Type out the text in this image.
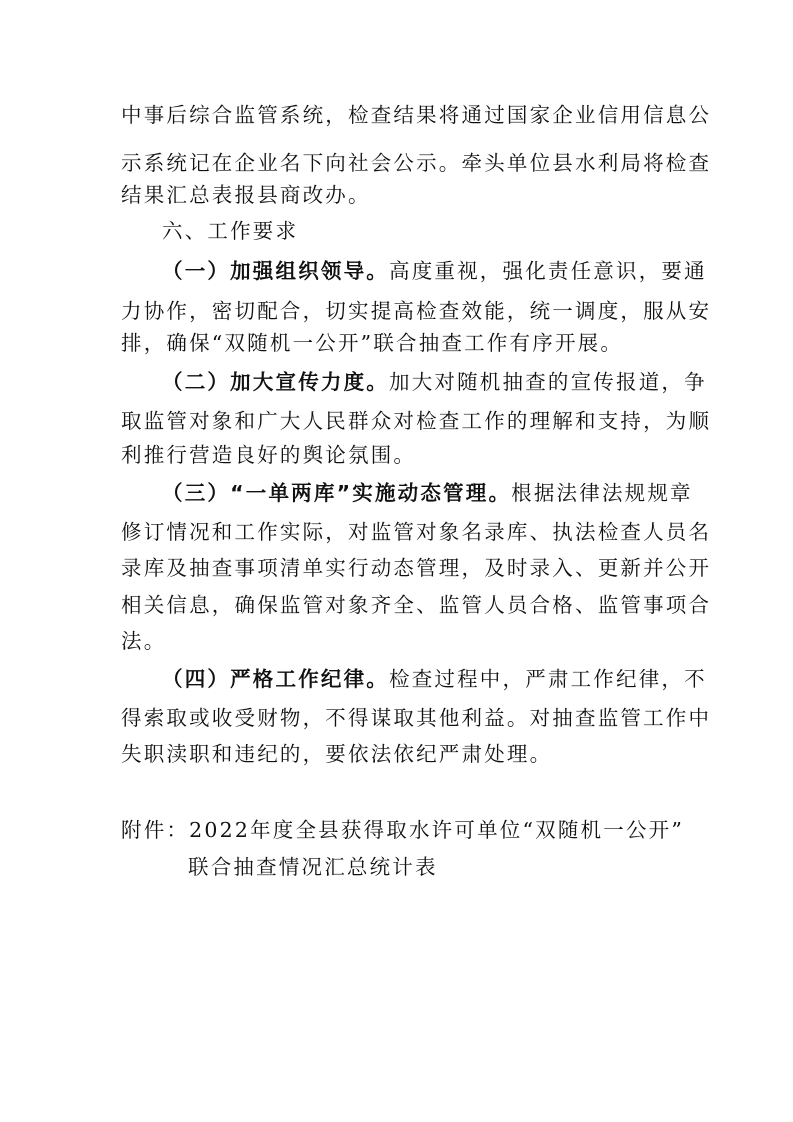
中事后综合监管系统，检查结果将通过国家企业信用信息公
示系统记在企业名下向社会公示。牵头单位县水利局将检查
结果汇总表报县商改办。
六、工作要求
（一）加强组织领导。高度重视，强化责任意识，要通
力协作，密切配合，切实提高检查效能，统一调度，服从安
排，确保“双随机一公开”联合抽查工作有序开展。
（二）加大宣传力度。加大对随机抽查的宣传报道，争
取监管对象和广大人民群众对检查工作的理解和支持，为顺
利推行营造良好的舆论氛围。
（三）“一单两库”实施动态管理。根据法律法规规章
修订情况和工作实际，对监管对象名录库、执法检查人员名
录库及抽查事项清单实行动态管理，及时录入、更新并公开
相关信息，确保监管对象齐全、监管人员合格、监管事项合
法。
（四）严格工作纪律。检查过程中，严肃工作纪律，不
得索取或收受财物，不得谋取其他利益。对抽查监管工作中
失职渎职和违纪的，要依法依纪严肃处理。
附件：2022年度全县获得取水许可单位“双随机一公开”
联合抽查情况汇总统计表
